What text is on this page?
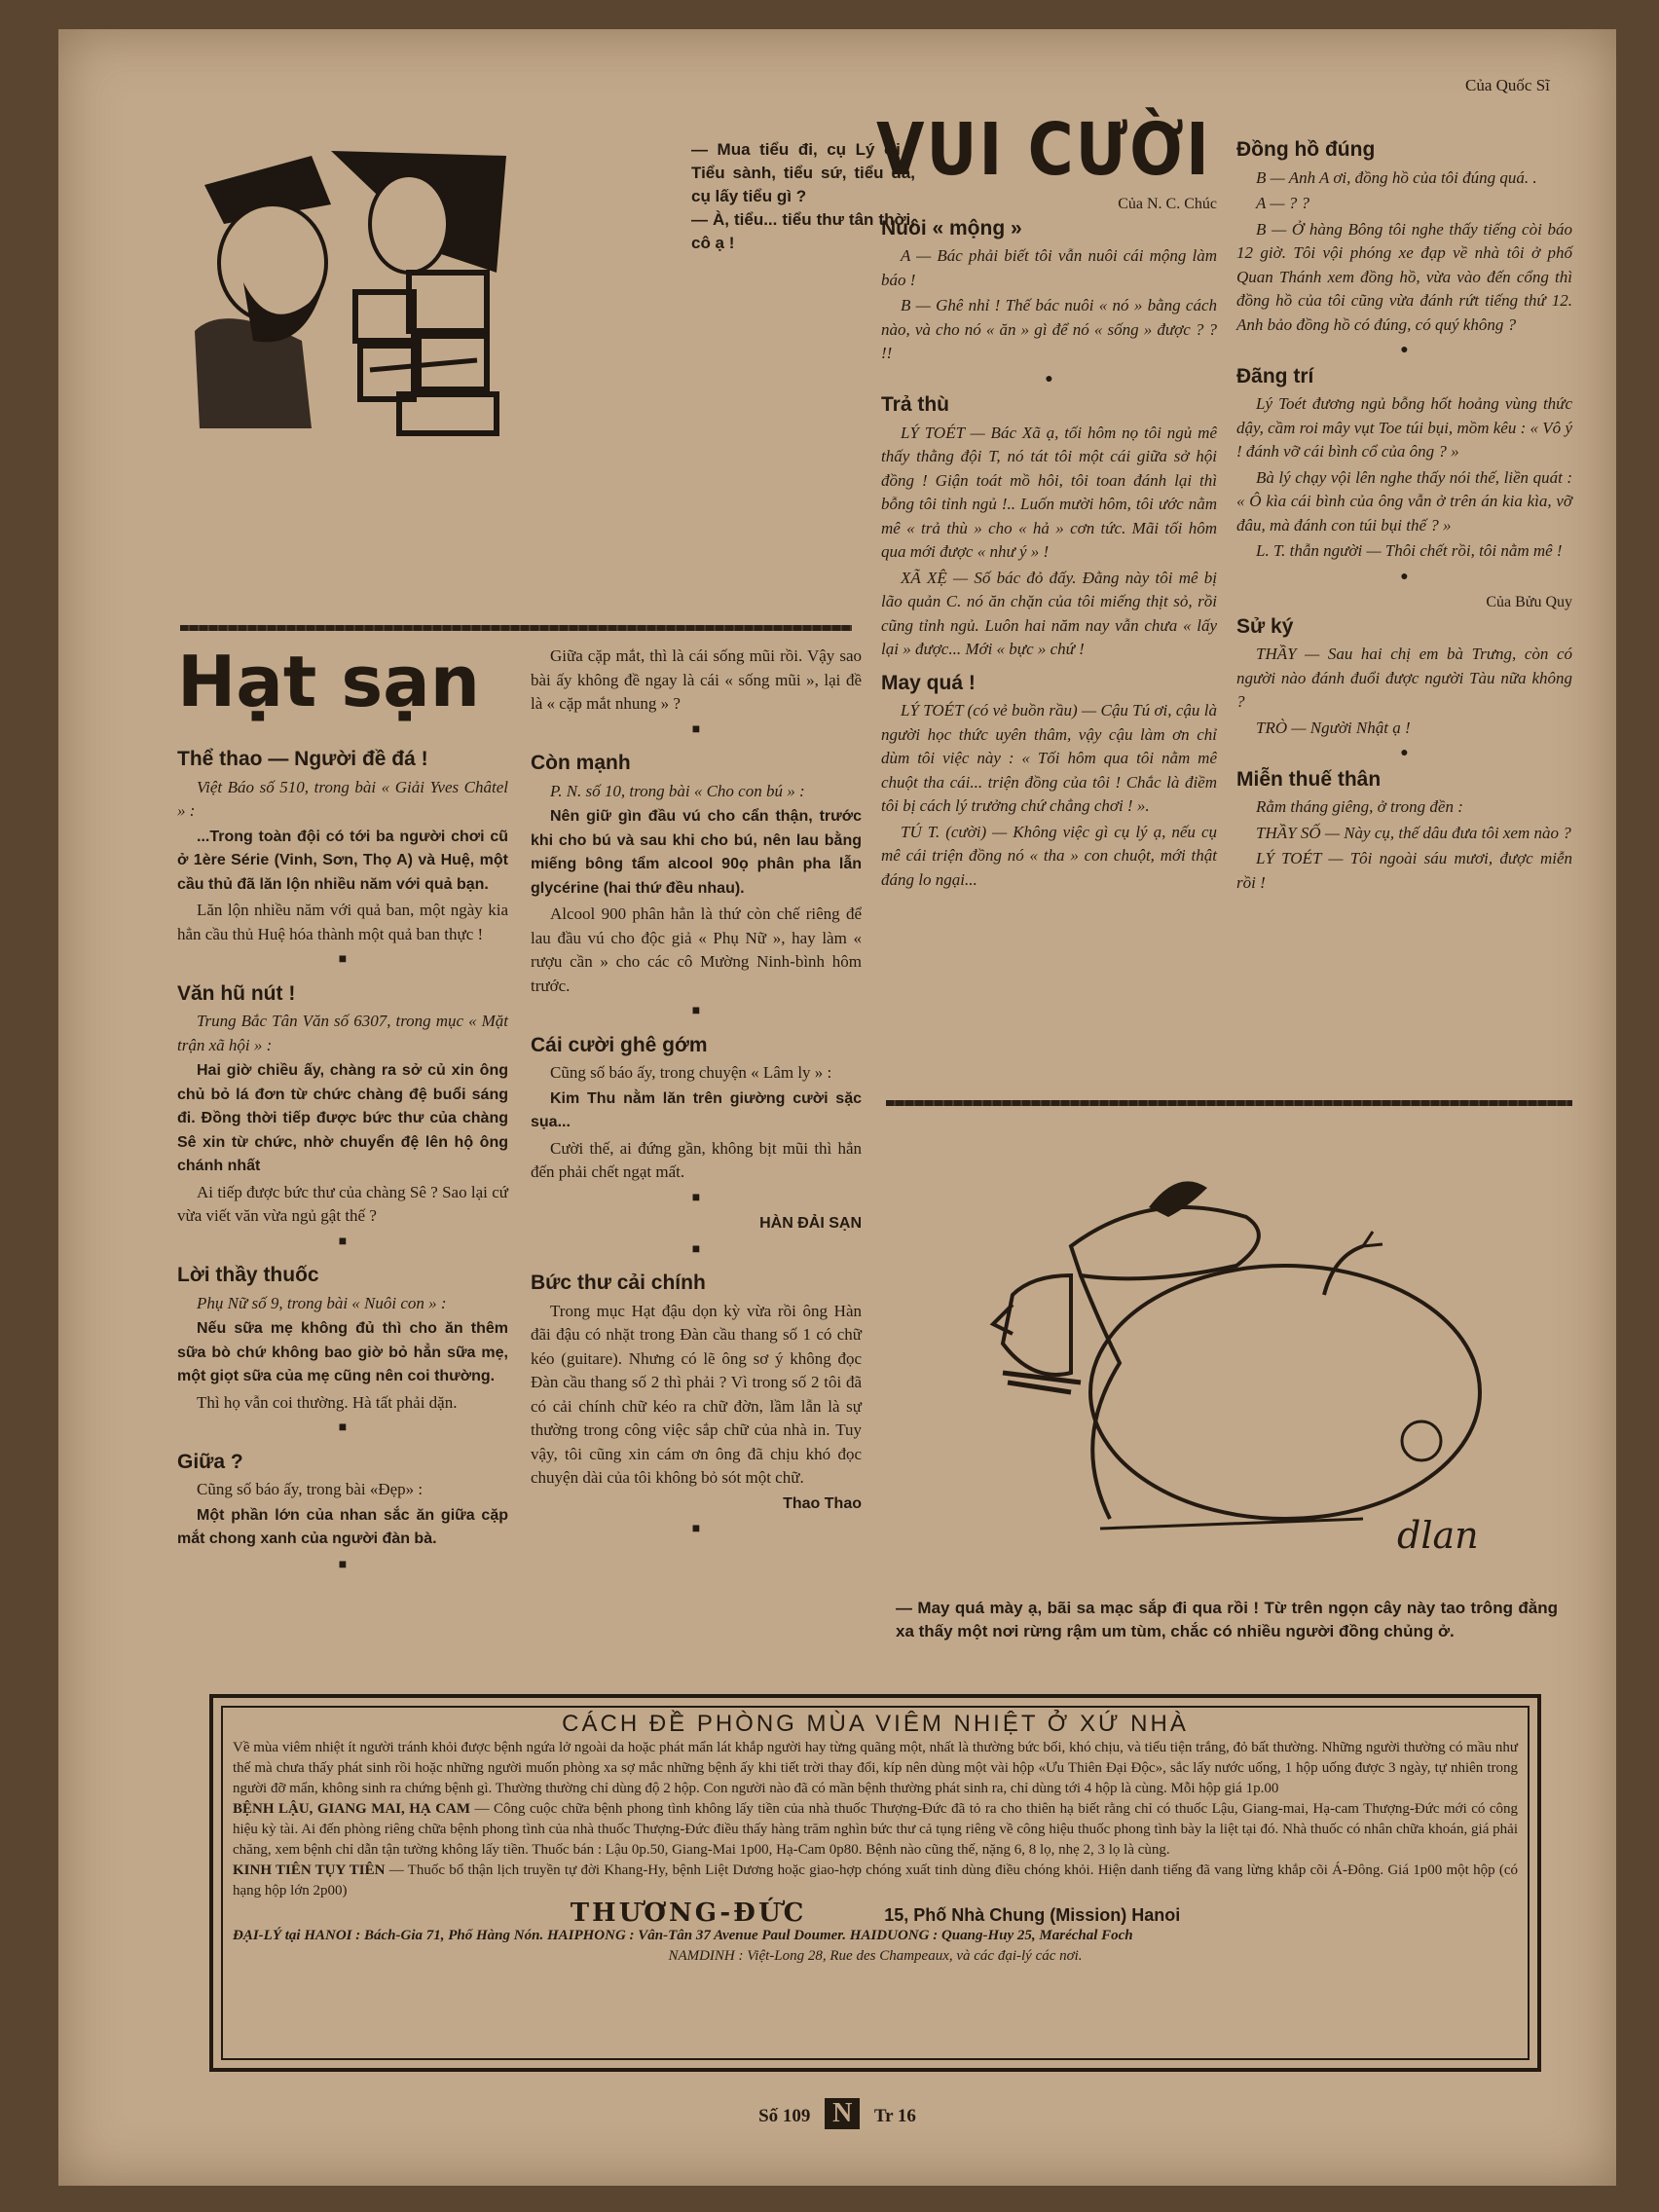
Của Quốc Sĩ
— Mua tiểu đi, cụ Lý ơi ! Tiểu sành, tiểu sứ, tiểu đá, cụ lấy tiểu gì ?
— À, tiểu... tiểu thư tân thời, cô ạ !
VUI CƯỜI
Của N. C. Chúc
Nuôi « mộng »

A — Bác phải biết tôi vẫn nuôi cái mộng làm báo !

B — Ghê nhỉ ! Thế bác nuôi « nó » bằng cách nào, và cho nó « ăn » gì để nó « sống » được ? ? !!

●
Trả thù

LÝ TOÉT — Bác Xã ạ, tối hôm nọ tôi ngủ mê thấy thằng đội T, nó tát tôi một cái giữa sở hội đồng ! Giận toát mồ hôi, tôi toan đánh lại thì bỗng tôi tỉnh ngủ !.. Luốn mười hôm, tôi ước nằm mê « trả thù » cho « hả » cơn tức. Mãi tối hôm qua mới được « như ý » !

XÃ XỆ — Số bác đỏ đấy. Đằng này tôi mê bị lão quản C. nó ăn chặn của tôi miếng thịt sỏ, rồi cũng tỉnh ngủ. Luôn hai năm nay vẫn chưa « lấy lại » được... Mới « bực » chứ !

May quá !

LÝ TOÉT (có vẻ buồn rầu) — Cậu Tú ơi, cậu là người học thức uyên thâm, vậy cậu làm ơn chỉ dùm tôi việc này : « Tối hôm qua tôi nằm mê chuột tha cái... triện đồng của tôi ! Chắc là điềm tôi bị cách lý trưởng chứ chẳng chơi ! ».

TÚ T. (cười) — Không việc gì cụ lý ạ, nếu cụ mê cái triện đồng nó « tha » con chuột, mới thật đáng lo ngại...

Đồng hồ đúng

B — Anh A ơi, đồng hồ của tôi đúng quá. .

A — ? ?

B — Ở hàng Bông tôi nghe thấy tiếng còi báo 12 giờ. Tôi vội phóng xe đạp về nhà tôi ở phố Quan Thánh xem đồng hồ, vừa vào đến cổng thì đồng hồ của tôi cũng vừa đánh rứt tiếng thứ 12. Anh bảo đồng hồ có đúng, có quý không ?

●
Đãng trí

Lý Toét đương ngủ bỗng hốt hoảng vùng thức dậy, cầm roi mây vụt Toe túi bụi, mồm kêu : « Vô ý ! đánh vỡ cái bình cổ của ông ? »

Bà lý chạy vội lên nghe thấy nói thế, liền quát : « Ô kìa cái bình của ông vẫn ở trên án kia kìa, vỡ đâu, mà đánh con túi bụi thế ? »

L. T. thẫn người — Thôi chết rồi, tôi nằm mê !

●
Của Bửu Quy
Sử ký

THẦY — Sau hai chị em bà Trưng, còn có người nào đánh đuổi được người Tàu nữa không ?

TRÒ — Người Nhật ạ !

●
Miễn thuế thân

Rằm tháng giêng, ở trong đền :

THẦY SỐ — Này cụ, thế dâu đưa tôi xem nào ?

LÝ TOÉT — Tôi ngoài sáu mươi, được miễn rồi !

Hạt sạn
Thể thao — Người đề đá !

Việt Báo số 510, trong bài « Giải Yves Châtel » :

...Trong toàn đội có tới ba người chơi cũ ở 1ère Série (Vinh, Sơn, Thọ A) và Huệ, một cầu thủ đã lăn lộn nhiều năm với quả bạn.

Lăn lộn nhiều năm với quả ban, một ngày kia hẳn cầu thủ Huệ hóa thành một quả ban thực !

■
Văn hũ nút !

Trung Bắc Tân Văn số 6307, trong mục « Mặt trận xã hội » :

Hai giờ chiều ấy, chàng ra sở củ xin ông chủ bỏ lá đơn từ chức chàng đệ buổi sáng đi. Đồng thời tiếp được bức thư của chàng Sê xin từ chức, nhờ chuyển đệ lên hộ ông chánh nhất

Ai tiếp được bức thư của chàng Sê ? Sao lại cứ vừa viết văn vừa ngủ gật thế ?

■
Lời thầy thuốc

Phụ Nữ số 9, trong bài « Nuôi con » :

Nếu sữa mẹ không đủ thì cho ăn thêm sữa bò chứ không bao giờ bỏ hẳn sữa mẹ, một giọt sữa của mẹ cũng nên coi thường.

Thì họ vẫn coi thường. Hà tất phải dặn.

■
Giữa ?

Cũng số báo ấy, trong bài «Đẹp» :

Một phần lớn của nhan sắc ăn giữa cặp mắt chong xanh của người đàn bà.

■

Giữa cặp mắt, thì là cái sống mũi rồi. Vậy sao bài ấy không đề ngay là cái « sống mũi », lại đề là « cặp mắt nhung » ?

■
Còn mạnh

P. N. số 10, trong bài « Cho con bú » :

Nên giữ gìn đầu vú cho cẩn thận, trước khi cho bú và sau khi cho bú, nên lau bằng miếng bông tẩm alcool 90ọ phân pha lẫn glycérine (hai thứ đều nhau).

Alcool 900 phân hẳn là thứ còn chế riêng để lau đầu vú cho độc giả « Phụ Nữ », hay làm « rượu cần » cho các cô Mường Ninh-bình hôm trước.

■
Cái cười ghê gớm

Cũng số báo ấy, trong chuyện « Lâm ly » :

Kim Thu nằm lăn trên giường cười sặc sụa...

Cười thế, ai đứng gần, không bịt mũi thì hẳn đến phải chết ngạt mất.

■
HÀN ĐẢI SẠN
■
Bức thư cải chính

Trong mục Hạt đậu dọn kỳ vừa rồi ông Hàn đãi đậu có nhặt trong Đàn cầu thang số 1 có chữ kéo (guitare). Nhưng có lẽ ông sơ ý không đọc Đàn cầu thang số 2 thì phải ? Vì trong số 2 tôi đã có cải chính chữ kéo ra chữ đờn, lầm lẫn là sự thường trong công việc sắp chữ của nhà in. Tuy vậy, tôi cũng xin cám ơn ông đã chịu khó đọc chuyện dài của tôi không bỏ sót một chữ.

Thao Thao
■	dlan
— May quá mày ạ, bãi sa mạc sắp đi qua rồi ! Từ trên ngọn cây này tao trông đằng xa thấy một nơi rừng rậm um tùm, chắc có nhiều người đồng chủng ở.
CÁCH ĐỀ PHÒNG MÙA VIÊM NHIỆT Ở XỨ NHÀ
Về mùa viêm nhiệt ít người tránh khỏi được bệnh ngứa lở ngoài da hoặc phát mẩn lát khắp người hay từng quãng một, nhất là thường bức bối, khó chịu, và tiểu tiện trắng, đỏ bất thường. Những người thường có mầu như thế mà chưa thấy phát sinh rồi hoặc những người muốn phòng xa sợ mắc những bệnh ấy khi tiết trời thay đổi, kíp nên dùng một vài hộp «Ưu Thiên Đại Độc», sắc lấy nước uống, 1 hộp uống được 3 ngày, tự nhiên trong người đỡ mẩn, không sinh ra chứng bệnh gì. Thường thường chỉ dùng độ 2 hộp. Con người nào đã có mần bệnh thường phát sinh ra, chỉ dùng tới 4 hộp là cùng. Mỗi hộp giá 1p.00
BỆNH LẬU, GIANG MAI, HẠ CAM — Công cuộc chữa bệnh phong tình không lấy tiền của nhà thuốc Thượng-Đức đã tỏ ra cho thiên hạ biết rằng chỉ có thuốc Lậu, Giang-mai, Hạ-cam Thượng-Đức mới có công hiệu kỳ tài. Ai đến phòng riêng chữa bệnh phong tình của nhà thuốc Thượng-Đức điều thấy hàng trăm nghìn bức thư cả tụng riêng về công hiệu thuốc phong tình bày la liệt tại đó. Nhà thuốc có nhân chữa khoán, giá phải chăng, xem bệnh chỉ dẫn tận tường không lấy tiền. Thuốc bán : Lậu 0p.50, Giang-Mai 1p00, Hạ-Cam 0p80. Bệnh nào cũng thế, nặng 6, 8 lọ, nhẹ 2, 3 lọ là cùng.
KINH TIÊN TỤY TIÊN — Thuốc bổ thận lịch truyền tự đời Khang-Hy, bệnh Liệt Dương hoặc giao-hợp chóng xuất tinh dùng điều chóng khỏi. Hiện danh tiếng đã vang lừng khắp cõi Á-Đông. Giá 1p00 một hộp (có hạng hộp lớn 2p00)
THƯƠNG-ĐỨC	15, Phố Nhà Chung (Mission) Hanoi
ĐẠI-LÝ tại HANOI : Bách-Gia 71, Phố Hàng Nón. HAIPHONG : Vân-Tân 37 Avenue Paul Doumer. HAIDUONG : Quang-Huy 25, Maréchal Foch
NAMDINH : Việt-Long 28, Rue des Champeaux, và các đại-lý các nơi.
Số 109 N Tr 16
